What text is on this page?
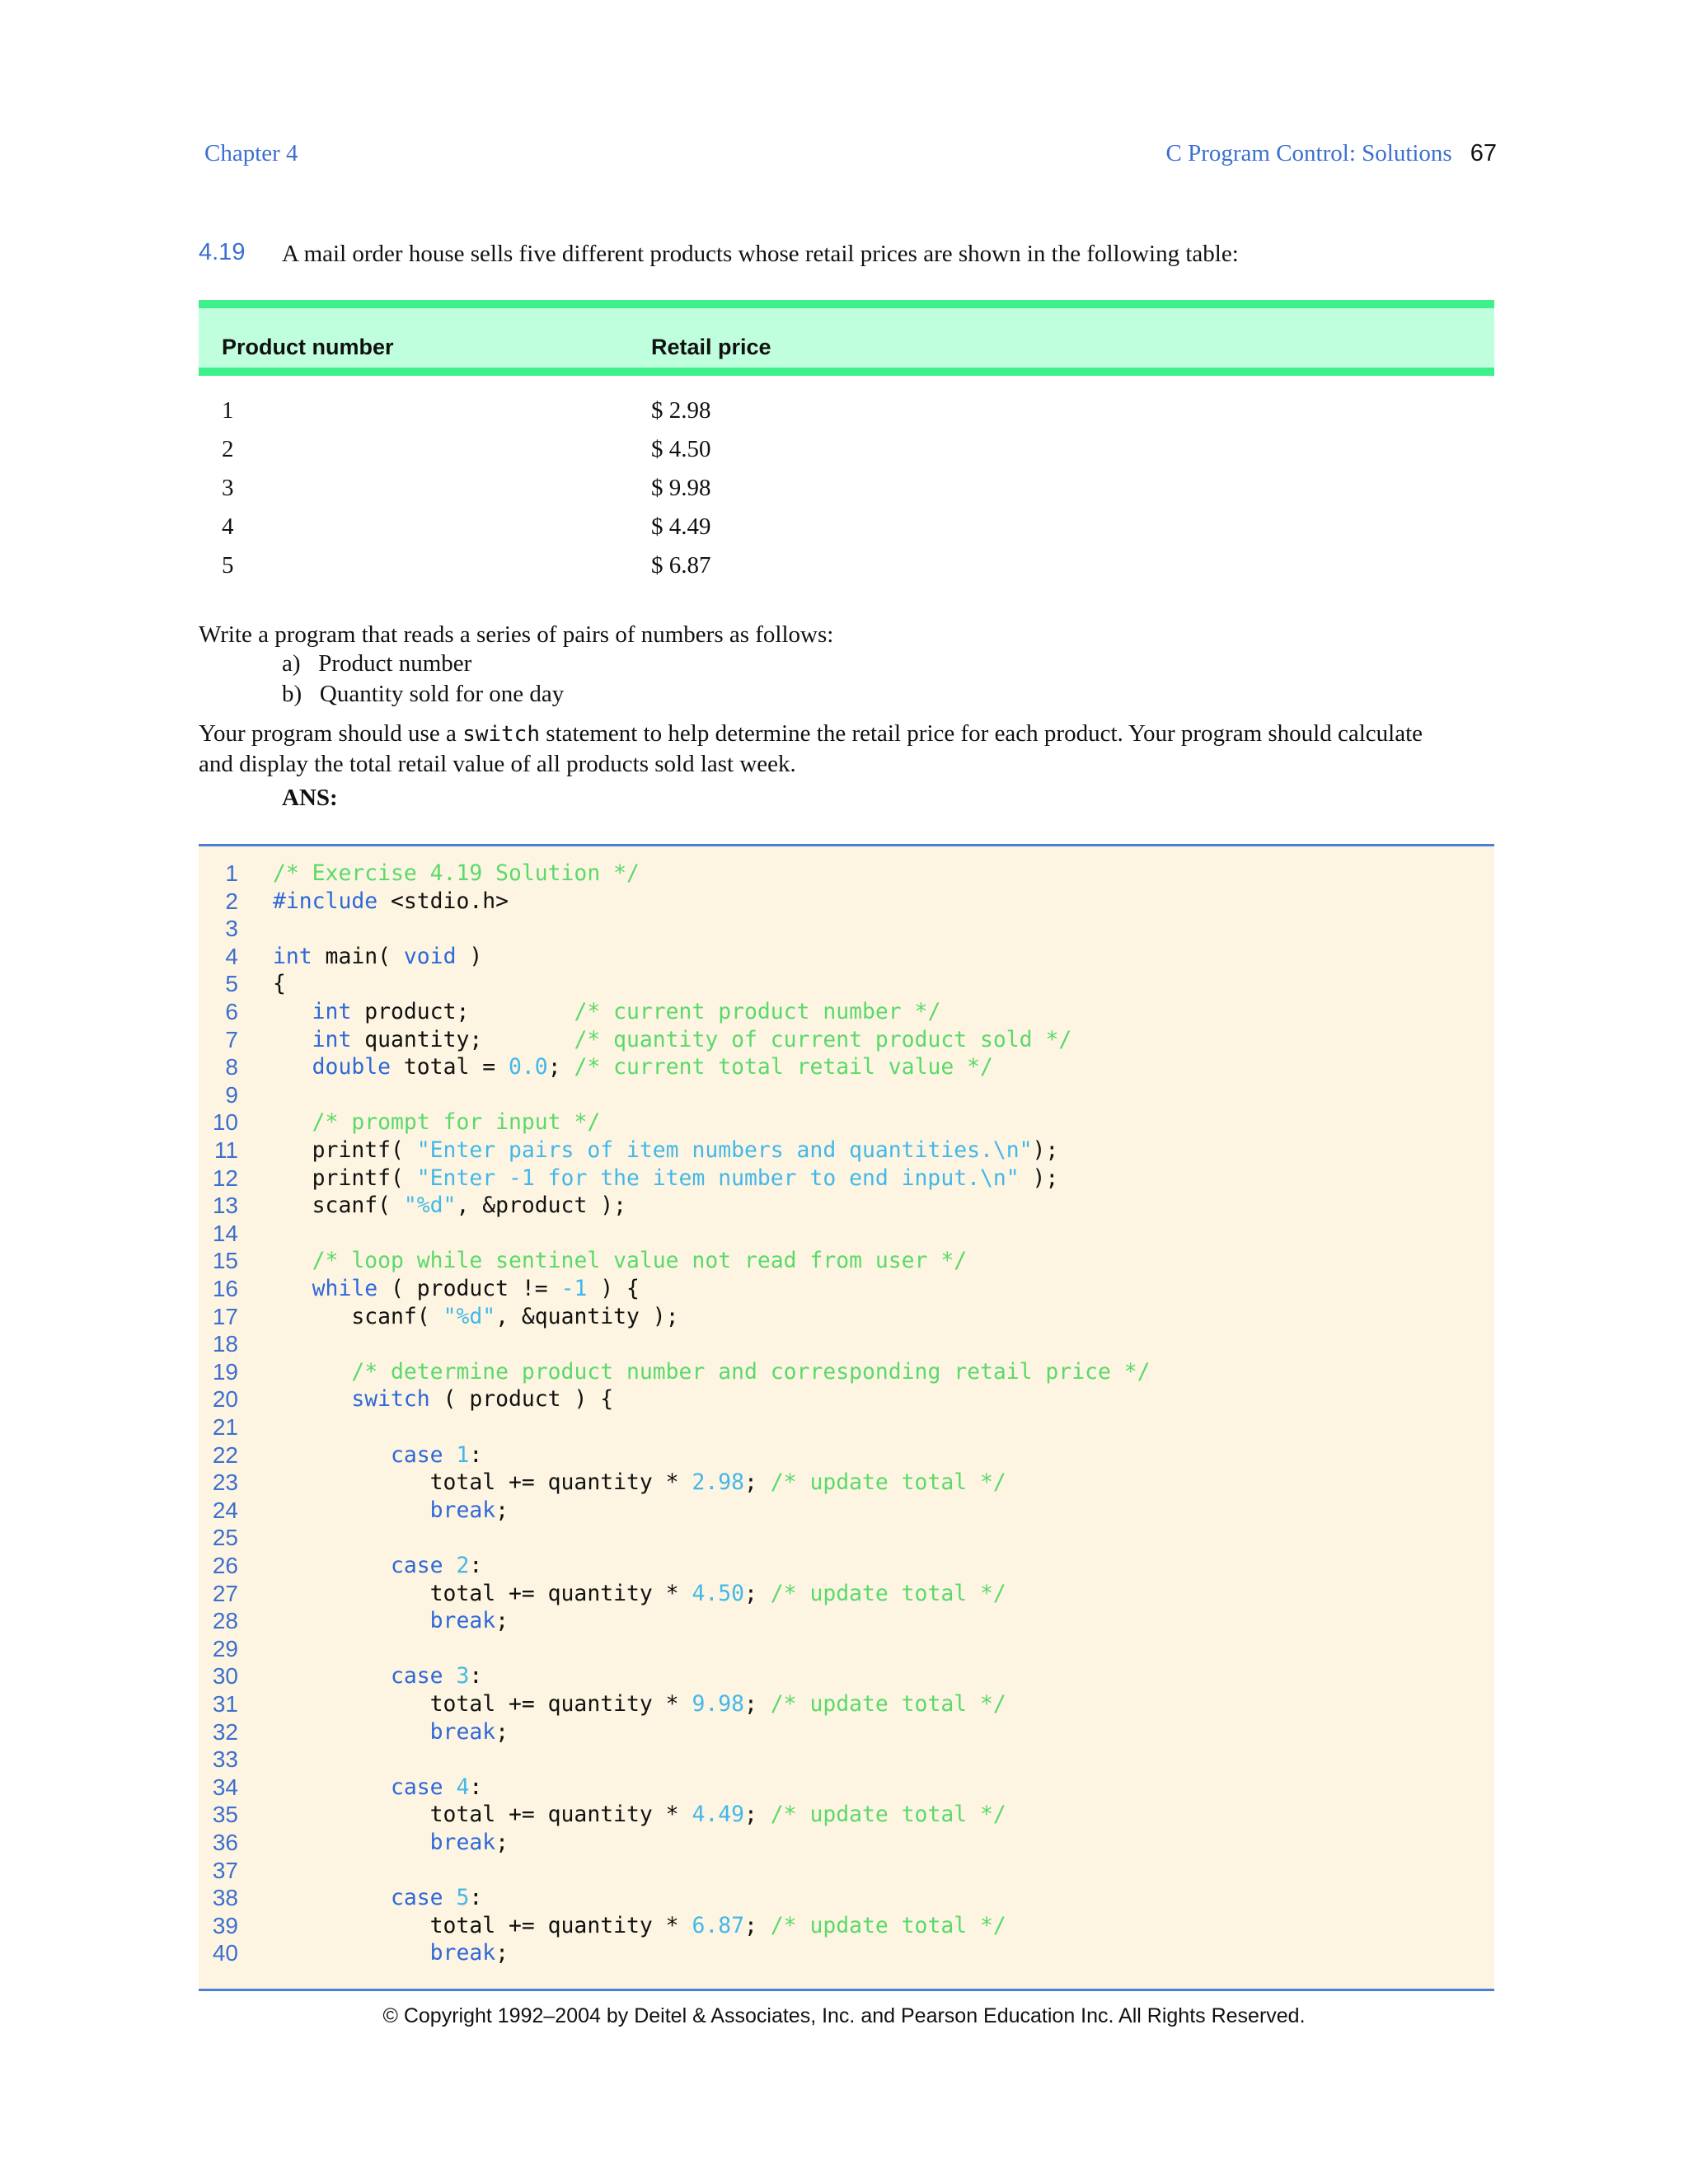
Chapter 4	C Program Control: Solutions 67
4.19 A mail order house sells five different products whose retail prices are shown in the following table:
Product number	Retail price
1	$ 2.98
2	$ 4.50
3	$ 9.98
4	$ 4.49
5	$ 6.87
Write a program that reads a series of pairs of numbers as follows:
a)  Product number
b)  Quantity sold for one day
Your program should use a switch statement to help determine the retail price for each product. Your program should calculate
and display the total retail value of all products sold last week.
ANS:
1 /* Exercise 4.19 Solution */
2 #include <stdio.h>
3
4 int main( void )
5 {
6	int product;        /* current product number */
7	int quantity;       /* quantity of current product sold */
8	double total = 0.0; /* current total retail value */
9
10	/* prompt for input */
11 printf( "Enter pairs of item numbers and quantities.\n");
12 printf( "Enter -1 for the item number to end input.\n" );
13 scanf( "%d", &product );
14
15	/* loop while sentinel value not read from user */
16	while ( product != -1 ) {
17 scanf( "%d", &quantity );
18
19	/* determine product number and corresponding retail price */
20	switch ( product ) {
21
22	case 1:
23 total += quantity * 2.98; /* update total */
24	break;
25
26	case 2:
27 total += quantity * 4.50; /* update total */
28	break;
29
30	case 3:
31 total += quantity * 9.98; /* update total */
32	break;
33
34	case 4:
35 total += quantity * 4.49; /* update total */
36	break;
37
38	case 5:
39 total += quantity * 6.87; /* update total */
40	break;
© Copyright 1992–2004 by Deitel & Associates, Inc. and Pearson Education Inc. All Rights Reserved.
